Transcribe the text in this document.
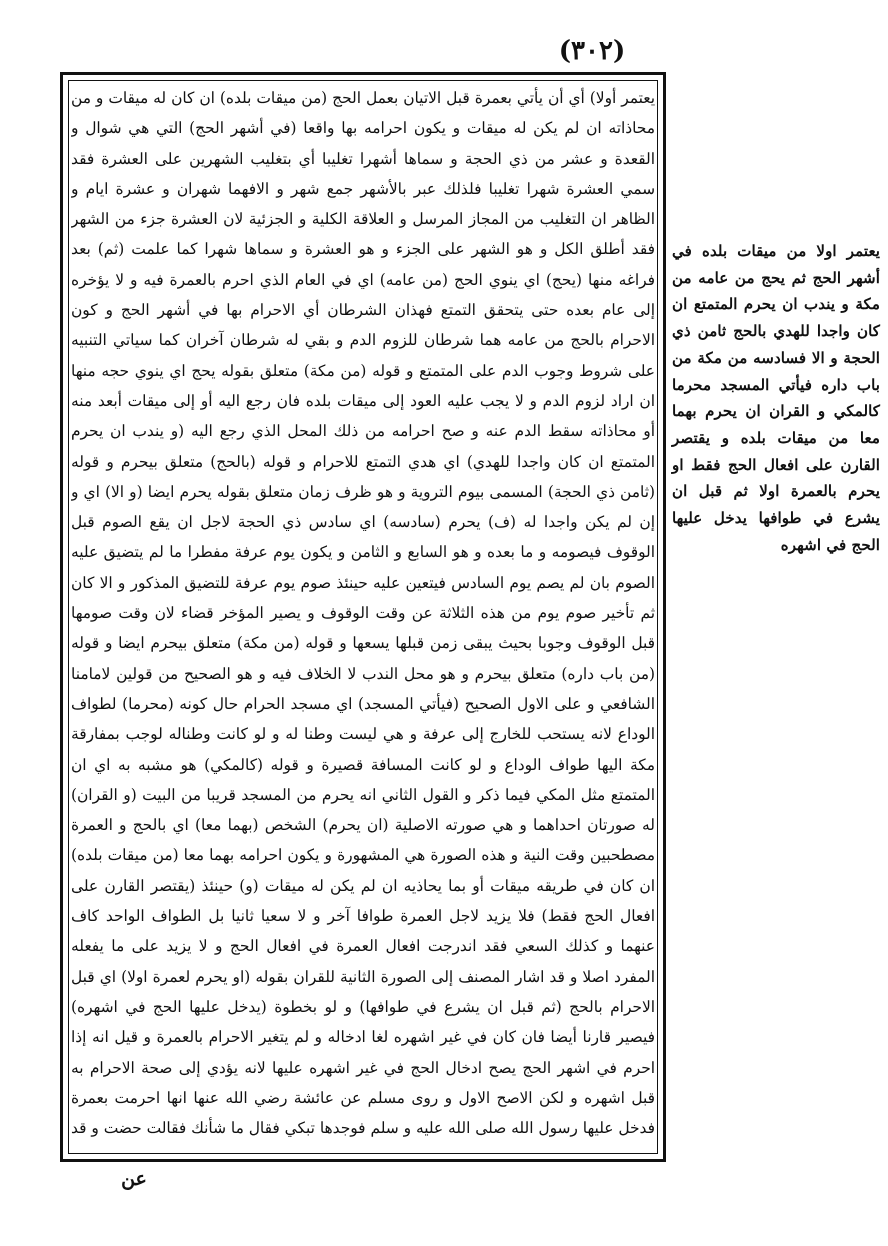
(٣٠٢)

يعتمر أولا) أي أن يأتي بعمرة قبل الاتيان بعمل الحج (من ميقات بلده) ان كان له ميقات و من محاذاته ان لم يكن له ميقات و يكون احرامه بها واقعا (في أشهر الحج) التي هي شوال و القعدة و عشر من ذي الحجة و سماها أشهرا تغليبا أي بتغليب الشهرين على العشرة فقد سمي العشرة شهرا تغليبا فلذلك عبر بالأشهر جمع شهر و الافهما شهران و عشرة ايام و الظاهر ان التغليب من المجاز المرسل و العلاقة الكلية و الجزئية لان العشرة جزء من الشهر فقد أطلق الكل و هو الشهر على الجزء و هو العشرة و سماها شهرا كما علمت (ثم) بعد فراغه منها (يحج) اي ينوي الحج (من عامه) اي في العام الذي احرم بالعمرة فيه و لا يؤخره إلى عام بعده حتى يتحقق التمتع فهذان الشرطان أي الاحرام بها في أشهر الحج و كون الاحرام بالحج من عامه هما شرطان للزوم الدم و بقي له شرطان آخران كما سياتي التنبيه على شروط وجوب الدم على المتمتع و قوله (من مكة) متعلق بقوله يحج اي ينوي حجه منها ان اراد لزوم الدم و لا يجب عليه العود إلى ميقات بلده فان رجع اليه أو إلى ميقات أبعد منه أو محاذاته سقط الدم عنه و صح احرامه من ذلك المحل الذي رجع اليه (و يندب ان يحرم المتمتع ان كان واجدا للهدي) اي هدي التمتع للاحرام و قوله (بالحج) متعلق بيحرم و قوله (ثامن ذي الحجة) المسمى بيوم التروية و هو ظرف زمان متعلق بقوله يحرم ايضا (و الا) اي و إن لم يكن واجدا له (ف) يحرم (سادسه) اي سادس ذي الحجة لاجل ان يقع الصوم قبل الوقوف فيصومه و ما بعده و هو السابع و الثامن و يكون يوم عرفة مفطرا ما لم يتضيق عليه الصوم بان لم يصم يوم السادس فيتعين عليه حينئذ صوم يوم عرفة للتضيق المذكور و الا كان ثم تأخير صوم يوم من هذه الثلاثة عن وقت الوقوف و يصير المؤخر قضاء لان وقت صومها قبل الوقوف وجوبا بحيث يبقى زمن قبلها يسعها و قوله (من مكة) متعلق بيحرم ايضا و قوله (من باب داره) متعلق بيحرم و هو محل الندب لا الخلاف فيه و هو الصحيح من قولين لامامنا الشافعي و على الاول الصحيح (فيأتي المسجد) اي مسجد الحرام حال كونه (محرما) لطواف الوداع لانه يستحب للخارج إلى عرفة و هي ليست وطنا له و لو كانت وطناله لوجب بمفارقة مكة اليها طواف الوداع و لو كانت المسافة قصيرة و قوله (كالمكي) هو مشبه به اي ان المتمتع مثل المكي فيما ذكر و القول الثاني انه يحرم من المسجد قريبا من البيت (و القران) له صورتان احداهما و هي صورته الاصلية (ان يحرم) الشخص (بهما معا) اي بالحج و العمرة مصطحبين وقت النية و هذه الصورة هي المشهورة و يكون احرامه بهما معا (من ميقات بلده) ان كان في طريقه ميقات أو بما يحاذيه ان لم يكن له ميقات (و) حينئذ (يقتصر القارن على افعال الحج فقط) فلا يزيد لاجل العمرة طوافا آخر و لا سعيا ثانيا بل الطواف الواحد كاف عنهما و كذلك السعي فقد اندرجت افعال العمرة في افعال الحج و لا يزيد على ما يفعله المفرد اصلا و قد اشار المصنف إلى الصورة الثانية للقران بقوله (او يحرم لعمرة اولا) اي قبل الاحرام بالحج (ثم قبل ان يشرع في طوافها) و لو بخطوة (يدخل عليها الحج في اشهره) فيصير قارنا أيضا فان كان في غير اشهره لغا ادخاله و لم يتغير الاحرام بالعمرة و قيل انه إذا احرم في اشهر الحج يصح ادخال الحج في غير اشهره عليها لانه يؤدي إلى صحة الاحرام به قبل اشهره و لكن الاصح الاول و روى مسلم عن عائشة رضي الله عنها انها احرمت بعمرة فدخل عليها رسول الله صلى الله عليه و سلم فوجدها تبكي فقال ما شأنك فقالت حضت و قد

يعتمر اولا من ميقات بلده في أشهر الحج ثم يحج من عامه من مكة و يندب ان يحرم المتمتع ان كان واجدا للهدي بالحج ثامن ذي الحجة و الا فسادسه من مكة من باب داره فيأتي المسجد محرما كالمكي و القران ان يحرم بهما معا من ميقات بلده و يقتصر القارن على افعال الحج فقط او يحرم بالعمرة اولا ثم قبل ان يشرع في طوافها يدخل عليها الحج في اشهره

عن
